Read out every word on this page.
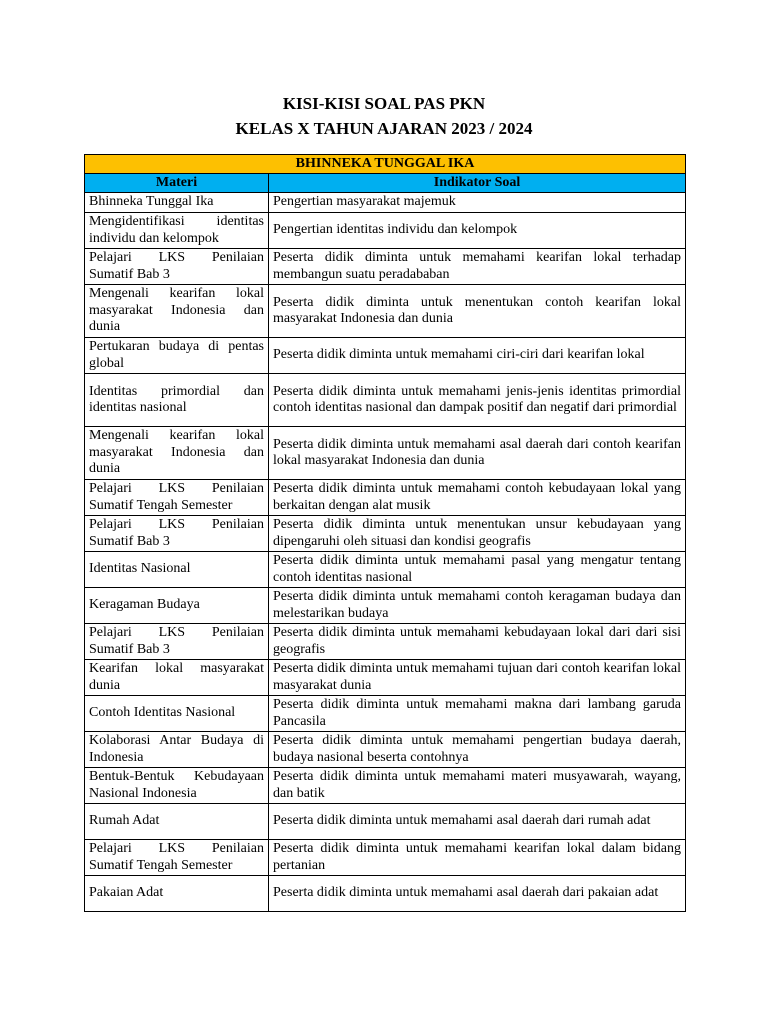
KISI-KISI SOAL PAS PKN
KELAS X TAHUN AJARAN 2023 / 2024
BHINNEKA TUNGGAL IKA	
Materi	Indikator Soal
Bhinneka Tunggal Ika	Pengertian masyarakat majemuk
Mengidentifikasi identitas individu dan kelompok	Pengertian identitas individu dan kelompok
Pelajari LKS Penilaian Sumatif Bab 3	Peserta didik diminta untuk memahami kearifan lokal terhadap membangun suatu peradababan
Mengenali kearifan lokal masyarakat Indonesia dan dunia	Peserta didik diminta untuk menentukan contoh kearifan lokal masyarakat Indonesia dan dunia
Pertukaran budaya di pentas global	Peserta didik diminta untuk memahami ciri-ciri dari kearifan lokal
Identitas primordial dan identitas nasional	Peserta didik diminta untuk memahami jenis-jenis identitas primordial contoh identitas nasional dan dampak positif dan negatif dari primordial
Mengenali kearifan lokal masyarakat Indonesia dan dunia	Peserta didik diminta untuk memahami asal daerah dari contoh kearifan lokal masyarakat Indonesia dan dunia
Pelajari LKS Penilaian Sumatif Tengah Semester	Peserta didik diminta untuk memahami contoh kebudayaan lokal yang berkaitan dengan alat musik
Pelajari LKS Penilaian Sumatif Bab 3	Peserta didik diminta untuk menentukan unsur kebudayaan yang dipengaruhi oleh situasi dan kondisi geografis
Identitas Nasional	Peserta didik diminta untuk memahami pasal yang mengatur tentang contoh identitas nasional
Keragaman Budaya	Peserta didik diminta untuk memahami contoh keragaman budaya dan melestarikan budaya
Pelajari LKS Penilaian Sumatif Bab 3	Peserta didik diminta untuk memahami kebudayaan lokal dari dari sisi geografis
Kearifan lokal masyarakat dunia	Peserta didik diminta untuk memahami tujuan dari contoh kearifan lokal masyarakat dunia
Contoh Identitas Nasional	Peserta didik diminta untuk memahami makna dari lambang garuda Pancasila
Kolaborasi Antar Budaya di Indonesia	Peserta didik diminta untuk memahami pengertian budaya daerah, budaya nasional beserta contohnya
Bentuk-Bentuk Kebudayaan Nasional Indonesia	Peserta didik diminta untuk memahami materi musyawarah, wayang, dan batik
Rumah Adat	Peserta didik diminta untuk memahami asal daerah dari rumah adat
Pelajari LKS Penilaian Sumatif Tengah Semester	Peserta didik diminta untuk memahami kearifan lokal dalam bidang pertanian
Pakaian Adat	Peserta didik diminta untuk memahami asal daerah dari pakaian adat
